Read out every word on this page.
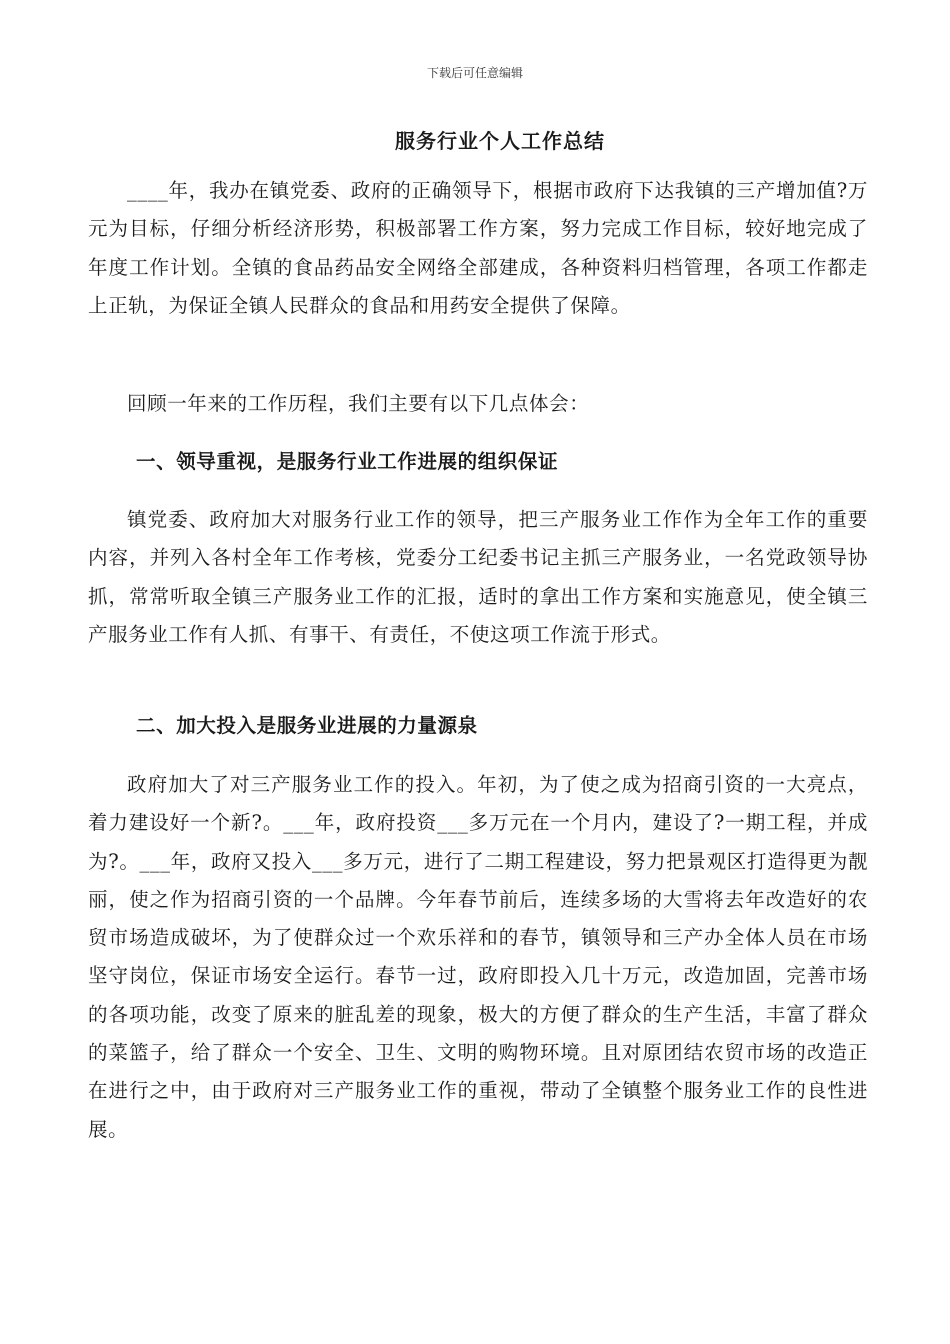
下载后可任意编辑
服务行业个人工作总结

____年，我办在镇党委、政府的正确领导下，根据市政府下达我镇的三产增加值?万元为目标，仔细分析经济形势，积极部署工作方案，努力完成工作目标，较好地完成了年度工作计划。全镇的食品药品安全网络全部建成，各种资料归档管理，各项工作都走上正轨，为保证全镇人民群众的食品和用药安全提供了保障。

回顾一年来的工作历程，我们主要有以下几点体会：

一、领导重视，是服务行业工作进展的组织保证

镇党委、政府加大对服务行业工作的领导，把三产服务业工作作为全年工作的重要内容，并列入各村全年工作考核，党委分工纪委书记主抓三产服务业，一名党政领导协抓，常常听取全镇三产服务业工作的汇报，适时的拿出工作方案和实施意见，使全镇三产服务业工作有人抓、有事干、有责任，不使这项工作流于形式。

二、加大投入是服务业进展的力量源泉

政府加大了对三产服务业工作的投入。年初，为了使之成为招商引资的一大亮点，着力建设好一个新?。___年，政府投资___多万元在一个月内，建设了?一期工程，并成为?。___年，政府又投入___多万元，进行了二期工程建设，努力把景观区打造得更为靓丽，使之作为招商引资的一个品牌。今年春节前后，连续多场的大雪将去年改造好的农贸市场造成破坏，为了使群众过一个欢乐祥和的春节，镇领导和三产办全体人员在市场坚守岗位，保证市场安全运行。春节一过，政府即投入几十万元，改造加固，完善市场的各项功能，改变了原来的脏乱差的现象，极大的方便了群众的生产生活，丰富了群众的菜篮子，给了群众一个安全、卫生、文明的购物环境。且对原团结农贸市场的改造正在进行之中，由于政府对三产服务业工作的重视，带动了全镇整个服务业工作的良性进展。
